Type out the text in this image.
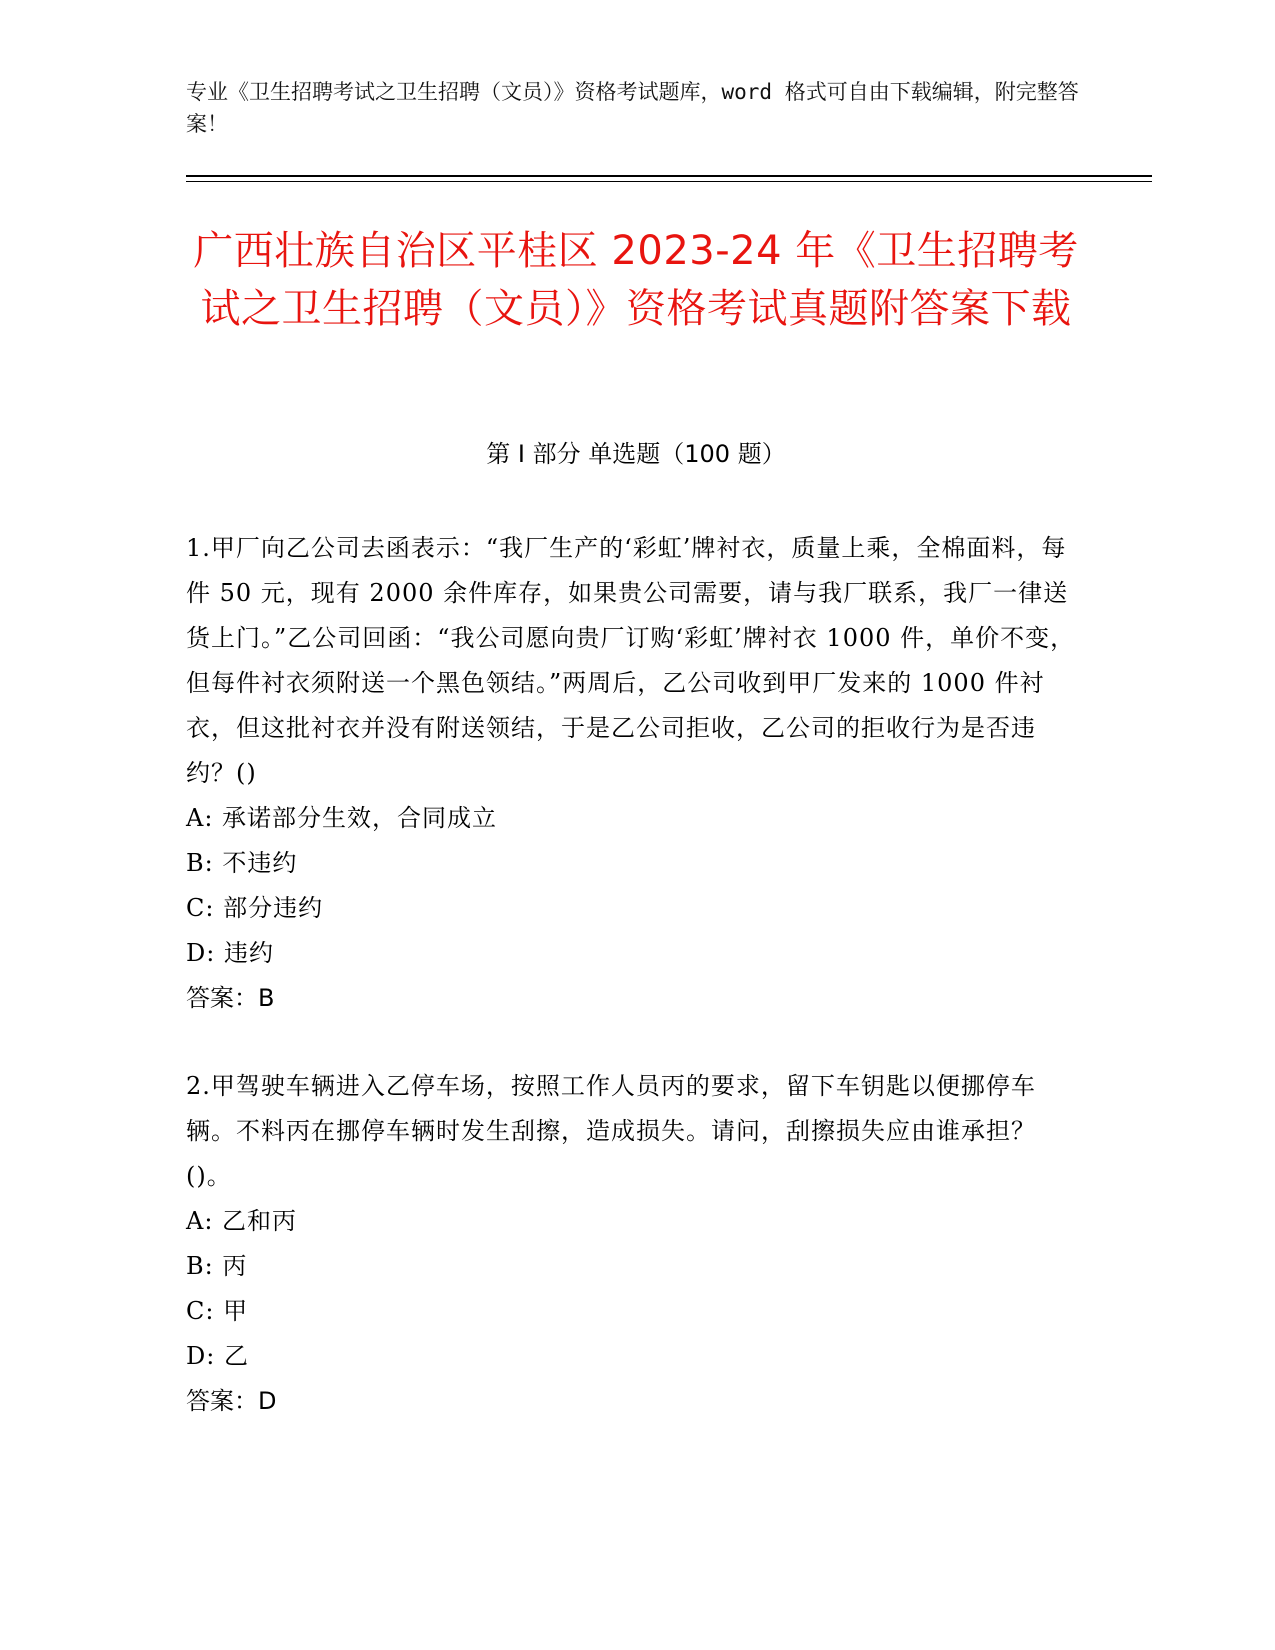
专业《卫生招聘考试之卫生招聘（文员）》资格考试题库，word 格式可自由下载编辑，附完整答案！
广西壮族自治区平桂区 2023-24 年《卫生招聘考试之卫生招聘（文员）》资格考试真题附答案下载
第 I 部分 单选题（100 题）

1.甲厂向乙公司去函表示：“我厂生产的‘彩虹’牌衬衣，质量上乘，全棉面料，每件 50 元，现有 2000 余件库存，如果贵公司需要，请与我厂联系，我厂一律送货上门。”乙公司回函：“我公司愿向贵厂订购‘彩虹’牌衬衣 1000 件，单价不变，但每件衬衣须附送一个黑色领结。”两周后，乙公司收到甲厂发来的 1000 件衬衣，但这批衬衣并没有附送领结，于是乙公司拒收，乙公司的拒收行为是否违约？()

A: 承诺部分生效，合同成立

B: 不违约

C: 部分违约

D: 违约

答案：B

2.甲驾驶车辆进入乙停车场，按照工作人员丙的要求，留下车钥匙以便挪停车辆。不料丙在挪停车辆时发生刮擦，造成损失。请问，刮擦损失应由谁承担？()。

A: 乙和丙

B: 丙

C: 甲

D: 乙

答案：D
